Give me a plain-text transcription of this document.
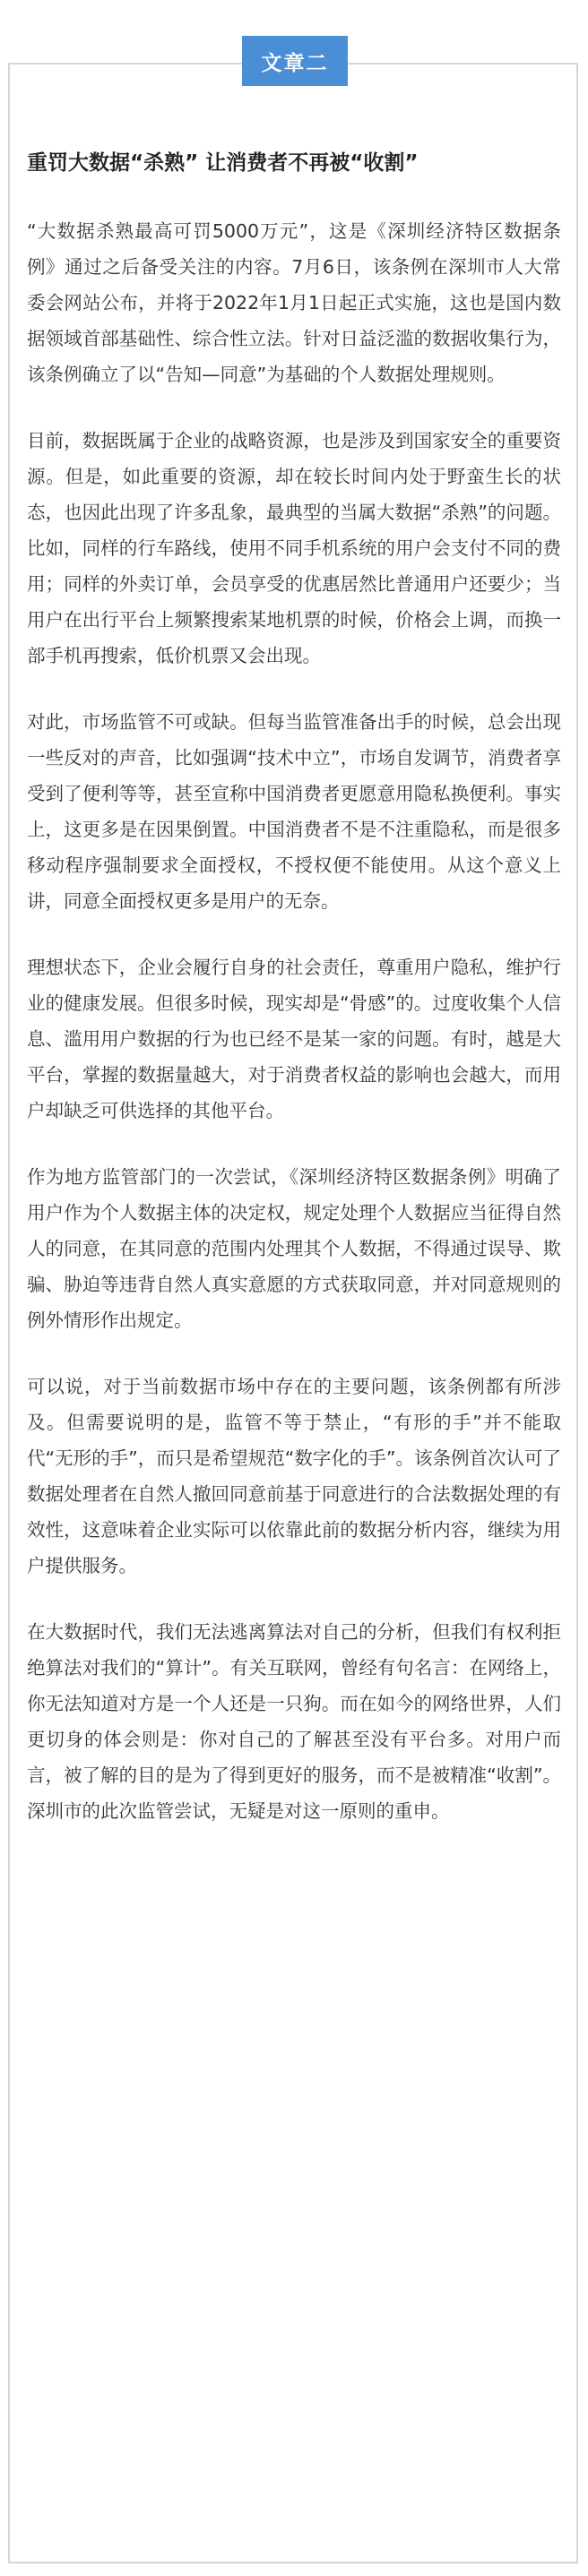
文章二
重罚大数据“杀熟” 让消费者不再被“收割”

“大数据杀熟最高可罚5000万元”，这是《深圳经济特区数据条例》通过之后备受关注的内容。7月6日，该条例在深圳市人大常委会网站公布，并将于2022年1月1日起正式实施，这也是国内数据领域首部基础性、综合性立法。针对日益泛滥的数据收集行为，该条例确立了以“告知—同意”为基础的个人数据处理规则。

目前，数据既属于企业的战略资源，也是涉及到国家安全的重要资源。但是，如此重要的资源，却在较长时间内处于野蛮生长的状态，也因此出现了许多乱象，最典型的当属大数据“杀熟”的问题。比如，同样的行车路线，使用不同手机系统的用户会支付不同的费用；同样的外卖订单，会员享受的优惠居然比普通用户还要少；当用户在出行平台上频繁搜索某地机票的时候，价格会上调，而换一部手机再搜索，低价机票又会出现。

对此，市场监管不可或缺。但每当监管准备出手的时候，总会出现一些反对的声音，比如强调“技术中立”，市场自发调节，消费者享受到了便利等等，甚至宣称中国消费者更愿意用隐私换便利。事实上，这更多是在因果倒置。中国消费者不是不注重隐私，而是很多移动程序强制要求全面授权，不授权便不能使用。从这个意义上讲，同意全面授权更多是用户的无奈。

理想状态下，企业会履行自身的社会责任，尊重用户隐私，维护行业的健康发展。但很多时候，现实却是“骨感”的。过度收集个人信息、滥用用户数据的行为也已经不是某一家的问题。有时，越是大平台，掌握的数据量越大，对于消费者权益的影响也会越大，而用户却缺乏可供选择的其他平台。

作为地方监管部门的一次尝试，《深圳经济特区数据条例》明确了用户作为个人数据主体的决定权，规定处理个人数据应当征得自然人的同意，在其同意的范围内处理其个人数据，不得通过误导、欺骗、胁迫等违背自然人真实意愿的方式获取同意，并对同意规则的例外情形作出规定。

可以说，对于当前数据市场中存在的主要问题，该条例都有所涉及。但需要说明的是，监管不等于禁止，“有形的手”并不能取代“无形的手”，而只是希望规范“数字化的手”。该条例首次认可了数据处理者在自然人撤回同意前基于同意进行的合法数据处理的有效性，这意味着企业实际可以依靠此前的数据分析内容，继续为用户提供服务。

在大数据时代，我们无法逃离算法对自己的分析，但我们有权利拒绝算法对我们的“算计”。有关互联网，曾经有句名言：在网络上，你无法知道对方是一个人还是一只狗。而在如今的网络世界，人们更切身的体会则是：你对自己的了解甚至没有平台多。对用户而言，被了解的目的是为了得到更好的服务，而不是被精准“收割”。深圳市的此次监管尝试，无疑是对这一原则的重申。
